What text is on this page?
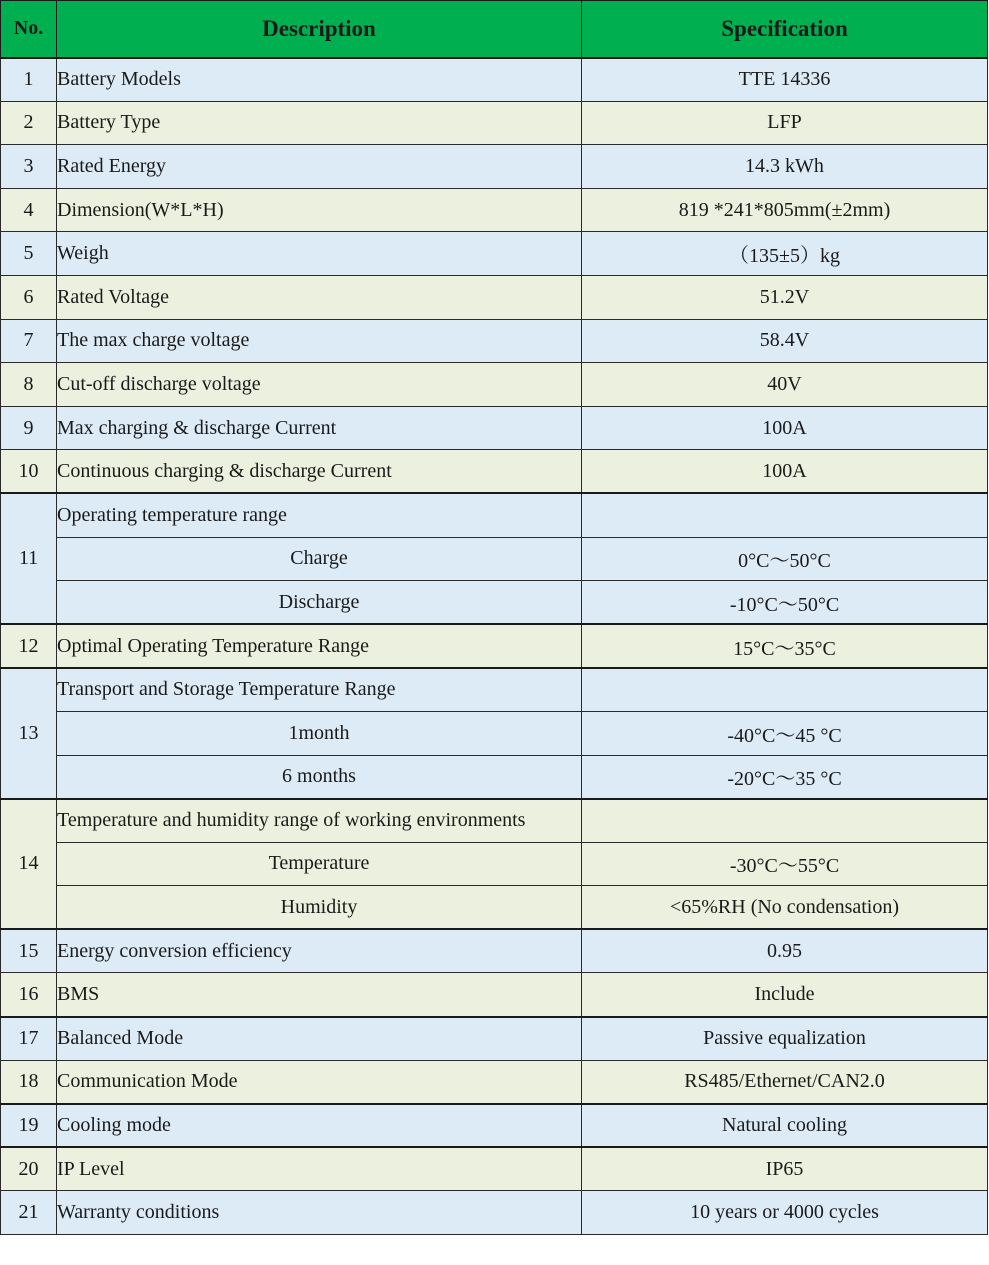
No.	Description	Specification
1	Battery Models	TTE 14336
2	Battery Type	LFP
3	Rated Energy	14.3 kWh
4	Dimension(W*L*H)	819 *241*805mm(±2mm)
5	Weigh	（135±5）kg
6	Rated Voltage	51.2V
7	The max charge voltage	58.4V
8	Cut-off discharge voltage	40V
9	Max charging & discharge Current	100A
10	Continuous charging & discharge Current	100A
11	Operating temperature range	
	Charge	0°C～50°C
	Discharge	-10°C～50°C
12	Optimal Operating Temperature Range	15°C～35°C
13	Transport and Storage Temperature Range	
	1month	-40°C～45 °C
	6 months	-20°C～35 °C
14	Temperature and humidity range of working environments	
	Temperature	-30°C～55°C
	Humidity	<65%RH (No condensation)
15	Energy conversion efficiency	0.95
16	BMS	Include
17	Balanced Mode	Passive equalization
18	Communication Mode	RS485/Ethernet/CAN2.0
19	Cooling mode	Natural cooling
20	IP Level	IP65
21	Warranty conditions	10 years or 4000 cycles
